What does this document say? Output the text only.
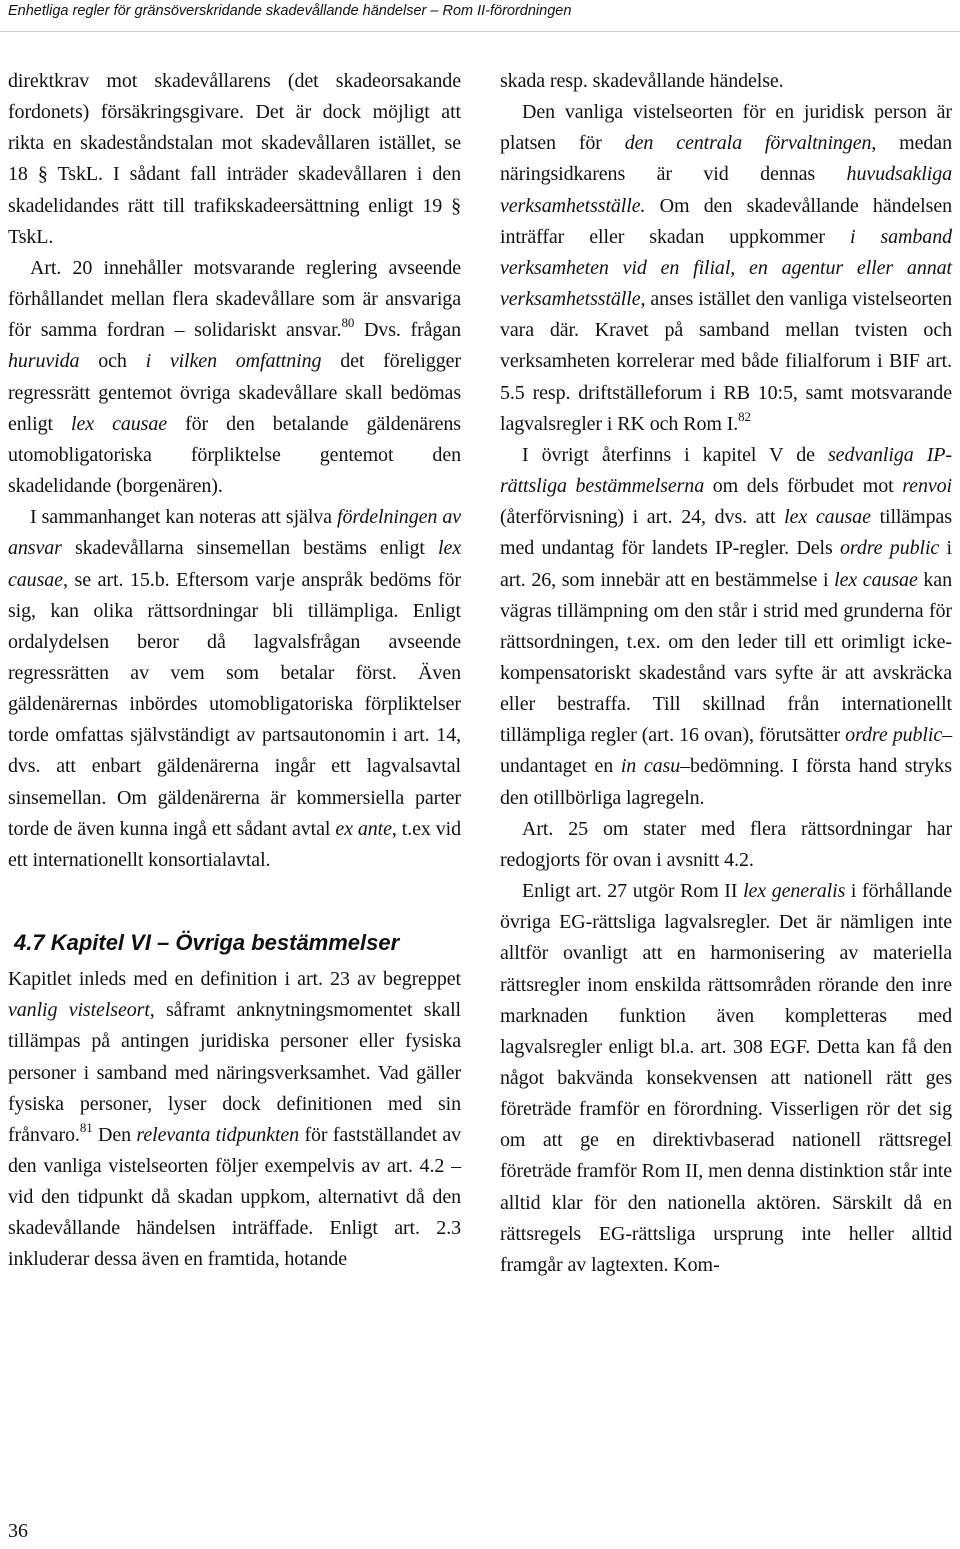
Enhetliga regler för gränsöverskridande skadevållande händelser – Rom II-förordningen

direktkrav mot skadevållarens (det skadeorsakande fordonets) försäkringsgivare. Det är dock möjligt att rikta en skadeståndstalan mot skadevållaren istället, se 18 § TskL. I sådant fall inträder skadevållaren i den skadelidandes rätt till trafikskadeersättning enligt 19 § TskL.

Art. 20 innehåller motsvarande reglering avseende förhållandet mellan flera skadevållare som är ansvariga för samma fordran – solidariskt ansvar.$^{80}$ Dvs. frågan huruvida och i vilken omfattning det föreligger regressrätt gentemot övriga skadevållare skall bedömas enligt lex causae för den betalande gäldenärens utomobligatoriska förpliktelse gentemot den skadelidande (borgenären).

I sammanhanget kan noteras att själva fördelningen av ansvar skadevållarna sinsemellan bestäms enligt lex causae, se art. 15.b. Eftersom varje anspråk bedöms för sig, kan olika rättsordningar bli tillämpliga. Enligt ordalydelsen beror då lagvalsfrågan avseende regressrätten av vem som betalar först. Även gäldenärernas inbördes utomobligatoriska förpliktelser torde omfattas självständigt av partsautonomin i art. 14, dvs. att enbart gäldenärerna ingår ett lagvalsavtal sinsemellan. Om gäldenärerna är kommersiella parter torde de även kunna ingå ett sådant avtal ex ante, t.ex vid ett internationellt konsortialavtal.

4.7 Kapitel VI – Övriga bestämmelser

Kapitlet inleds med en definition i art. 23 av begreppet vanlig vistelseort, såframt anknytningsmomentet skall tillämpas på antingen juridiska personer eller fysiska personer i samband med näringsverksamhet. Vad gäller fysiska personer, lyser dock definitionen med sin frånvaro.$^{81}$ Den relevanta tidpunkten för fastställandet av den vanliga vistelseorten följer exempelvis av art. 4.2 – vid den tidpunkt då skadan uppkom, alternativt då den skadevållande händelsen inträffade. Enligt art. 2.3 inkluderar dessa även en framtida, hotande

skada resp. skadevållande händelse.

Den vanliga vistelseorten för en juridisk person är platsen för den centrala förvaltningen, medan näringsidkarens är vid dennas huvudsakliga verksamhetsställe. Om den skadevållande händelsen inträffar eller skadan uppkommer i samband verksamheten vid en filial, en agentur eller annat verksamhetsställe, anses istället den vanliga vistelseorten vara där. Kravet på samband mellan tvisten och verksamheten korrelerar med både filialforum i BIF art. 5.5 resp. driftställeforum i RB 10:5, samt motsvarande lagvalsregler i RK och Rom I.$^{82}$

I övrigt återfinns i kapitel V de sedvanliga IP-rättsliga bestämmelserna om dels förbudet mot renvoi (återförvisning) i art. 24, dvs. att lex causae tillämpas med undantag för landets IP-regler. Dels ordre public i art. 26, som innebär att en bestämmelse i lex causae kan vägras tillämpning om den står i strid med grunderna för rättsordningen, t.ex. om den leder till ett orimligt icke-kompensatoriskt skadestånd vars syfte är att avskräcka eller bestraffa. Till skillnad från internationellt tillämpliga regler (art. 16 ovan), förutsätter ordre public–undantaget en in casu–bedömning. I första hand stryks den otillbörliga lagregeln.

Art. 25 om stater med flera rättsordningar har redogjorts för ovan i avsnitt 4.2.

Enligt art. 27 utgör Rom II lex generalis i förhållande övriga EG-rättsliga lagvalsregler. Det är nämligen inte alltför ovanligt att en harmonisering av materiella rättsregler inom enskilda rättsområden rörande den inre marknaden funktion även kompletteras med lagvalsregler enligt bl.a. art. 308 EGF. Detta kan få den något bakvända konsekvensen att nationell rätt ges företräde framför en förordning. Visserligen rör det sig om att ge en direktivbaserad nationell rättsregel företräde framför Rom II, men denna distinktion står inte alltid klar för den nationella aktören. Särskilt då en rättsregels EG-rättsliga ursprung inte heller alltid framgår av lagtexten. Kom-

36
